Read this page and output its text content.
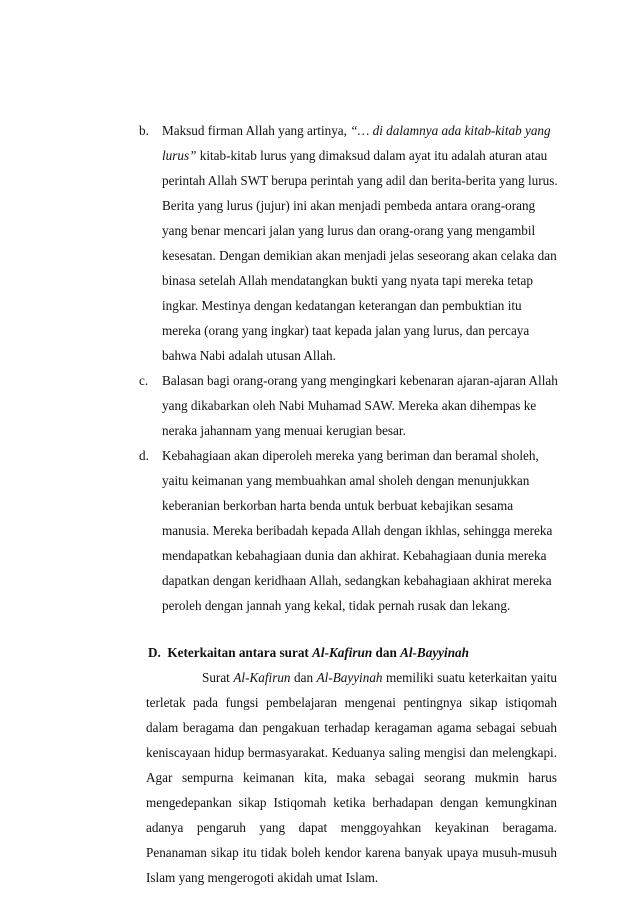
b. Maksud firman Allah yang artinya, “… di dalamnya ada kitab-kitab yang
lurus” kitab-kitab lurus yang dimaksud dalam ayat itu adalah aturan atau
perintah Allah SWT berupa perintah yang adil dan berita-berita yang lurus.
Berita yang lurus (jujur) ini akan menjadi pembeda antara orang-orang
yang benar mencari jalan yang lurus dan orang-orang yang mengambil
kesesatan. Dengan demikian akan menjadi jelas seseorang akan celaka dan
binasa setelah Allah mendatangkan bukti yang nyata tapi mereka tetap
ingkar. Mestinya dengan kedatangan keterangan dan pembuktian itu
mereka (orang yang ingkar) taat kepada jalan yang lurus, dan percaya
bahwa Nabi adalah utusan Allah.
c. Balasan bagi orang-orang yang mengingkari kebenaran ajaran-ajaran Allah
yang dikabarkan oleh Nabi Muhamad SAW. Mereka akan dihempas ke
neraka jahannam yang menuai kerugian besar.
d. Kebahagiaan akan diperoleh mereka yang beriman dan beramal sholeh,
yaitu keimanan yang membuahkan amal sholeh dengan menunjukkan
keberanian berkorban harta benda untuk berbuat kebajikan sesama
manusia. Mereka beribadah kepada Allah dengan ikhlas, sehingga mereka
mendapatkan kebahagiaan dunia dan akhirat. Kebahagiaan dunia mereka
dapatkan dengan keridhaan Allah, sedangkan kebahagiaan akhirat mereka
peroleh dengan jannah yang kekal, tidak pernah rusak dan lekang.
D. Keterkaitan antara surat Al-Kafirun dan Al-Bayyinah
Surat Al-Kafirun dan Al-Bayyinah memiliki suatu keterkaitan yaitu
terletak pada fungsi pembelajaran mengenai pentingnya sikap istiqomah
dalam beragama dan pengakuan terhadap keragaman agama sebagai sebuah
keniscayaan hidup bermasyarakat. Keduanya saling mengisi dan melengkapi.
Agar sempurna keimanan kita, maka sebagai seorang mukmin harus
mengedepankan sikap Istiqomah ketika berhadapan dengan kemungkinan
adanya pengaruh yang dapat menggoyahkan keyakinan beragama.
Penanaman sikap itu tidak boleh kendor karena banyak upaya musuh-musuh
Islam yang mengerogoti akidah umat Islam.
